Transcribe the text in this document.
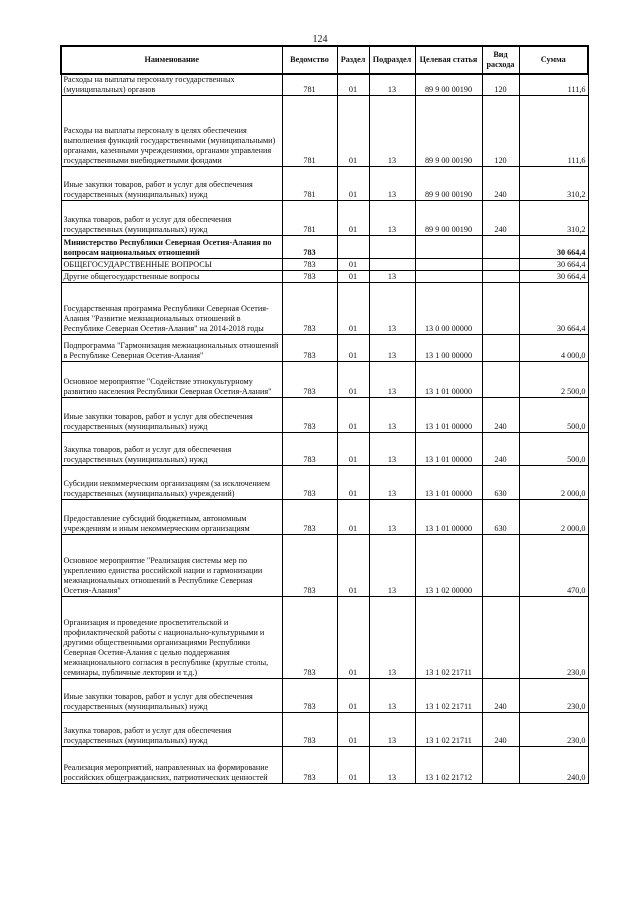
124
Наименование	Ведомство	Раздел	Подраздел	Целевая статья	Вид расхода	Сумма
Расходы на выплаты персоналу государственных (муниципальных) органов	781	01	13	89 9 00 00190	120	111,6
Расходы на выплаты персоналу в целях обеспечения выполнения функций государственными (муниципальными) органами, казенными учреждениями, органами управления государственными внебюджетными фондами	781	01	13	89 9 00 00190	120	111,6
Иные закупки товаров, работ и услуг для обеспечения государственных (муниципальных) нужд	781	01	13	89 9 00 00190	240	310,2
Закупка товаров, работ и услуг для обеспечения государственных (муниципальных) нужд	781	01	13	89 9 00 00190	240	310,2
Министерство Республики Северная Осетия-Алания по вопросам национальных отношений	783					30 664,4
ОБЩЕГОСУДАРСТВЕННЫЕ ВОПРОСЫ	783	01				30 664,4
Другие общегосударственные вопросы	783	01	13			30 664,4
Государственная программа Республики Северная Осетия-Алания "Развитие межнациональных отношений в Республике Северная Осетия-Алания" на 2014-2018 годы	783	01	13	13 0 00 00000		30 664,4
Подпрограмма "Гармонизация межнациональных отношений в Республике Северная Осетия-Алания"	783	01	13	13 1 00 00000		4 000,0
Основное мероприятие "Содействие этнокультурному развитию населения Республики Северная Осетия-Алания"	783	01	13	13 1 01 00000		2 500,0
Иные закупки товаров, работ и услуг для обеспечения государственных (муниципальных) нужд	783	01	13	13 1 01 00000	240	500,0
Закупка товаров, работ и услуг для обеспечения государственных (муниципальных) нужд	783	01	13	13 1 01 00000	240	500,0
Субсидии некоммерческим организациям (за исключением государственных (муниципальных) учреждений)	783	01	13	13 1 01 00000	630	2 000,0
Предоставление субсидий бюджетным, автономным учреждениям и иным некоммерческим организациям	783	01	13	13 1 01 00000	630	2 000,0
Основное мероприятие "Реализация системы мер по укреплению единства российской нации и гармонизации межнациональных отношений в Республике Северная Осетия-Алания"	783	01	13	13 1 02 00000		470,0
Организация и проведение просветительской и профилактической работы с национально-культурными и другими общественными организациями Республики Северная Осетия-Алания с целью поддержания межнационального согласия в республике (круглые столы, семинары, публичные лектории и т.д.)	783	01	13	13 1 02 21711		230,0
Иные закупки товаров, работ и услуг для обеспечения государственных (муниципальных) нужд	783	01	13	13 1 02 21711	240	230,0
Закупка товаров, работ и услуг для обеспечения государственных (муниципальных) нужд	783	01	13	13 1 02 21711	240	230,0
Реализация мероприятий, направленных на формирование российских общегражданских, патриотических ценностей	783	01	13	13 1 02 21712		240,0
